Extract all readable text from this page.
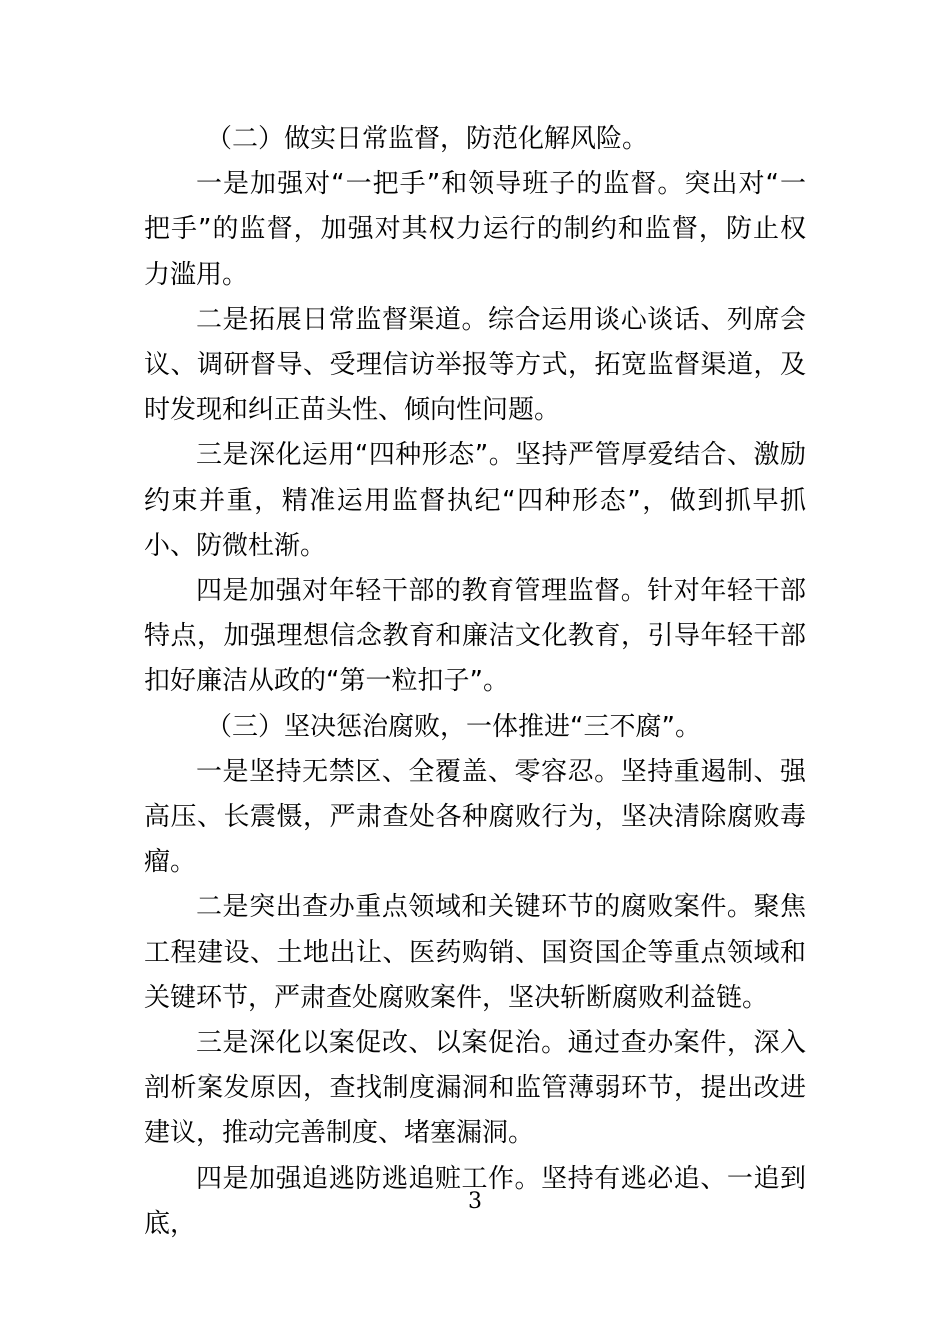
（二）做实日常监督，防范化解风险。

一是加强对“一把手”和领导班子的监督。突出对“一把手”的监督，加强对其权力运行的制约和监督，防止权力滥用。

二是拓展日常监督渠道。综合运用谈心谈话、列席会议、调研督导、受理信访举报等方式，拓宽监督渠道，及时发现和纠正苗头性、倾向性问题。

三是深化运用“四种形态”。坚持严管厚爱结合、激励约束并重，精准运用监督执纪“四种形态”，做到抓早抓小、防微杜渐。

四是加强对年轻干部的教育管理监督。针对年轻干部特点，加强理想信念教育和廉洁文化教育，引导年轻干部扣好廉洁从政的“第一粒扣子”。

（三）坚决惩治腐败，一体推进“三不腐”。

一是坚持无禁区、全覆盖、零容忍。坚持重遏制、强高压、长震慑，严肃查处各种腐败行为，坚决清除腐败毒瘤。

二是突出查办重点领域和关键环节的腐败案件。聚焦工程建设、土地出让、医药购销、国资国企等重点领域和关键环节，严肃查处腐败案件，坚决斩断腐败利益链。

三是深化以案促改、以案促治。通过查办案件，深入剖析案发原因，查找制度漏洞和监管薄弱环节，提出改进建议，推动完善制度、堵塞漏洞。

四是加强追逃防逃追赃工作。坚持有逃必追、一追到底，

3
